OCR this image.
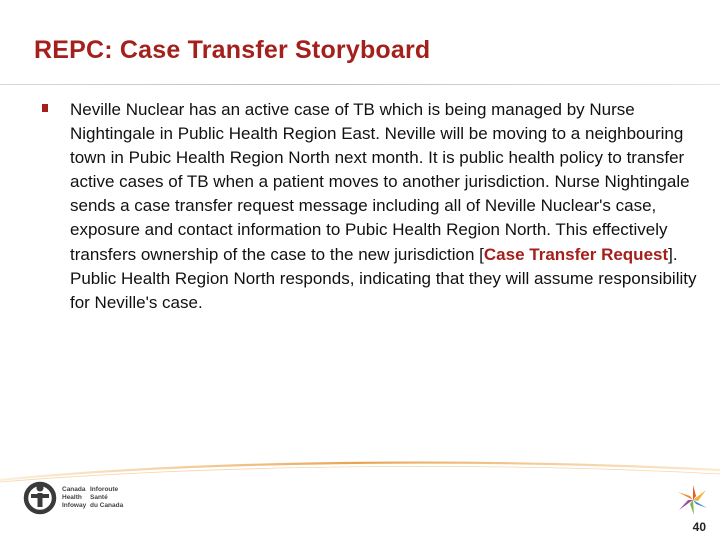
REPC: Case Transfer Storyboard

Neville Nuclear has an active case of TB which is being managed by Nurse Nightingale in Public Health Region East. Neville will be moving to a neighbouring town in Pubic Health Region North next month. It is public health policy to transfer active cases of TB when a patient moves to another jurisdiction. Nurse Nightingale sends a case transfer request message including all of Neville Nuclear's case, exposure and contact information to Pubic Health Region North. This effectively transfers ownership of the case to the new jurisdiction [Case Transfer Request]. Public Health Region North responds, indicating that they will assume responsibility for Neville's case.

Canada
Health
Infoway
Inforoute
Santé
du Canada
40
